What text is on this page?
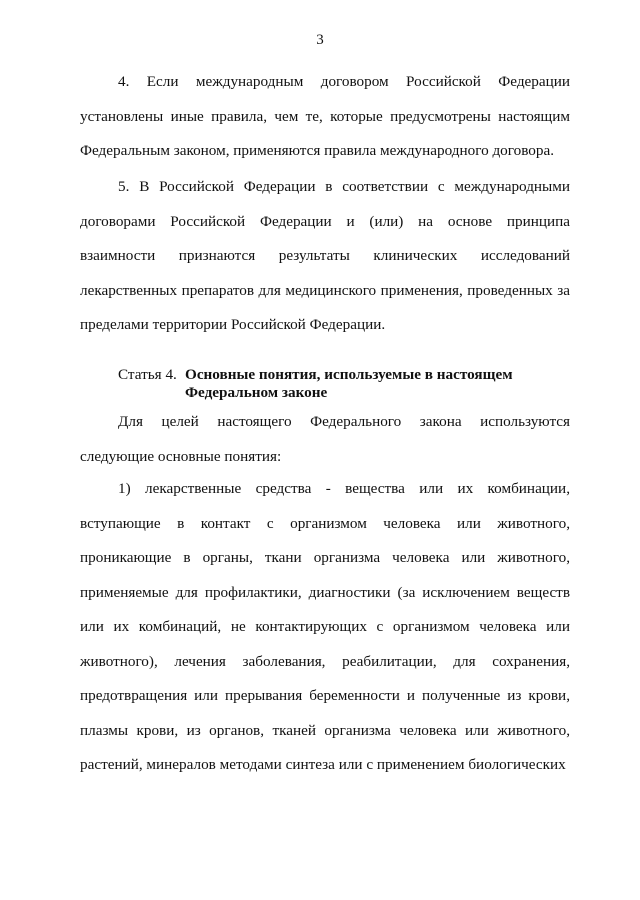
3

4. Если международным договором Российской Федерации установлены иные правила, чем те, которые предусмотрены настоящим Федеральным законом, применяются правила международного договора.

5. В Российской Федерации в соответствии с международными договорами Российской Федерации и (или) на основе принципа взаимности признаются результаты клинических исследований лекарственных препаратов для медицинского применения, проведенных за пределами территории Российской Федерации.

Статья 4. Основные понятия, используемые в настоящем Федеральном законе

Для целей настоящего Федерального закона используются следующие основные понятия:

1) лекарственные средства - вещества или их комбинации, вступающие в контакт с организмом человека или животного, проникающие в органы, ткани организма человека или животного, применяемые для профилактики, диагностики (за исключением веществ или их комбинаций, не контактирующих с организмом человека или животного), лечения заболевания, реабилитации, для сохранения, предотвращения или прерывания беременности и полученные из крови, плазмы крови, из органов, тканей организма человека или животного, растений, минералов методами синтеза или с применением биологических
